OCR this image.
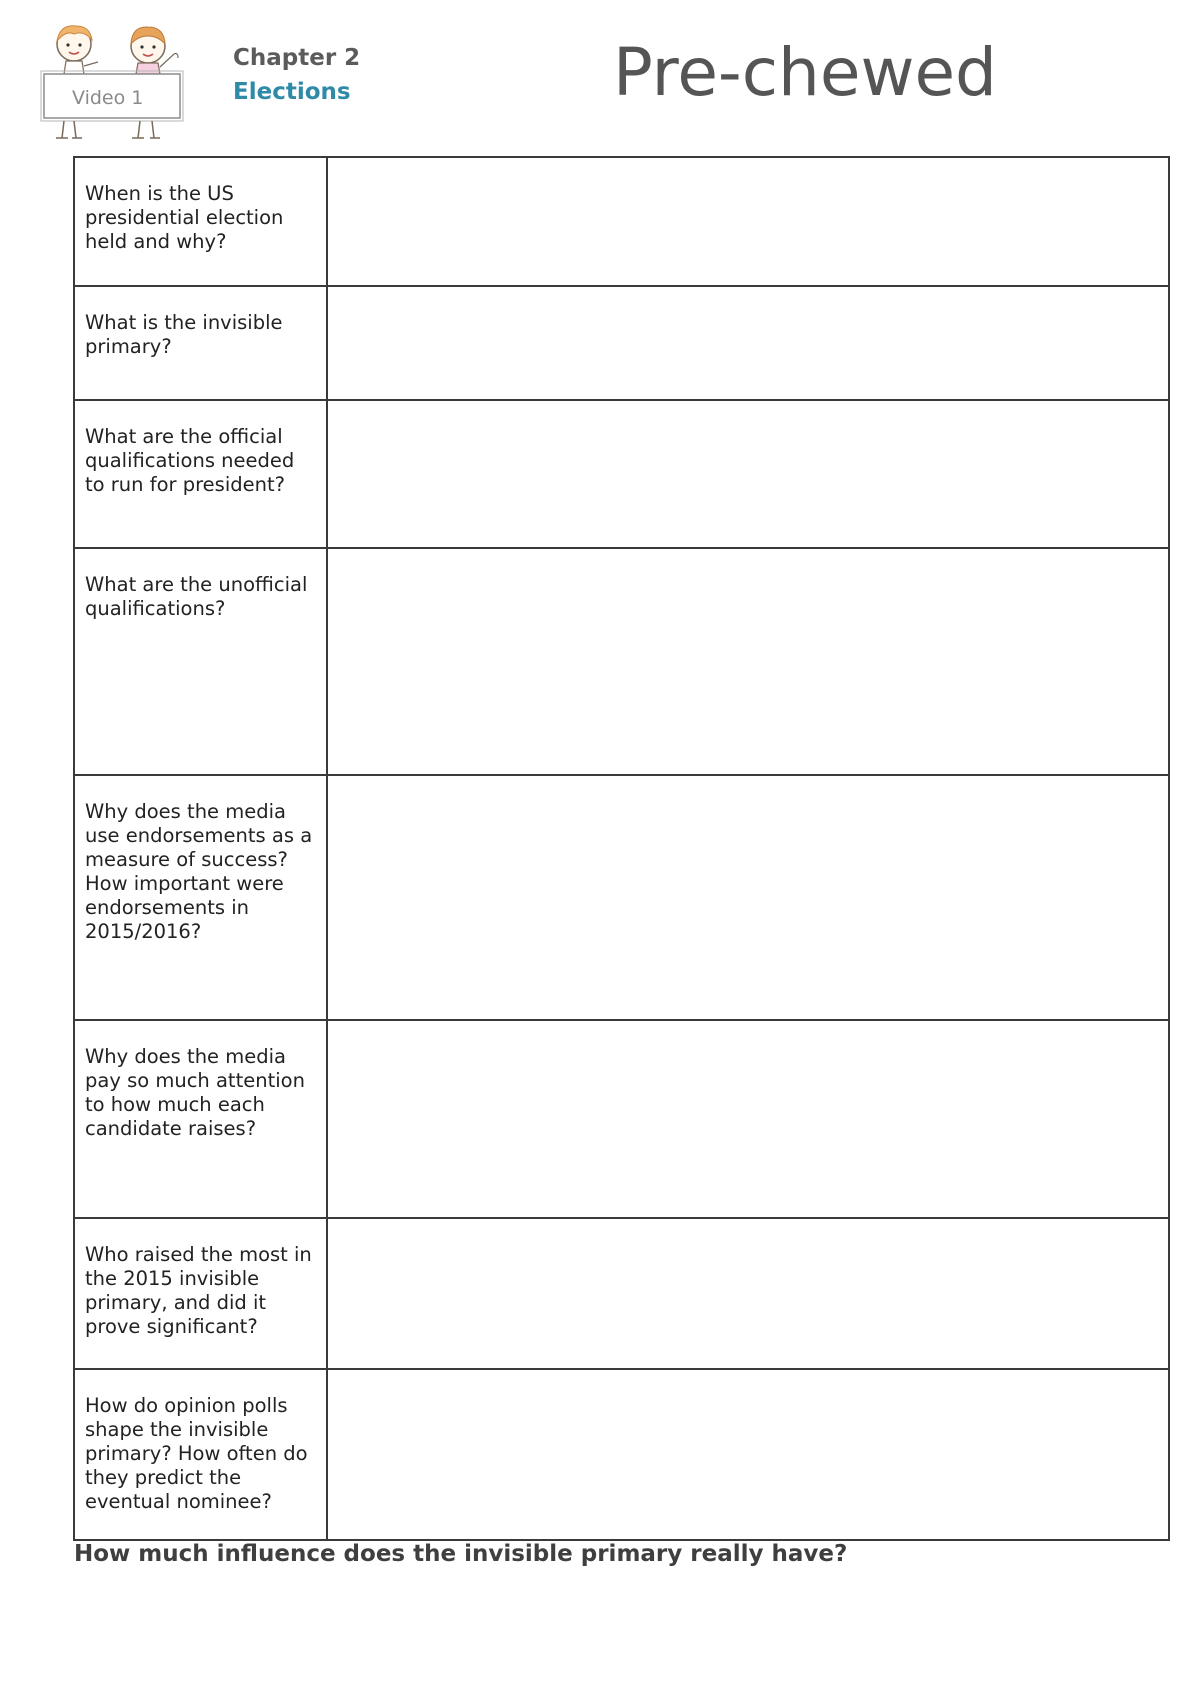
Video 1
Chapter 2
Elections	Pre-chewed
When is the US presidential election held and why?	
What is the invisible primary?	
What are the official qualifications needed to run for president?	
What are the unofficial qualifications?	
Why does the media use endorsements as a measure of success? How important were endorsements in 2015/2016?	
Why does the media pay so much attention to how much each candidate raises?	
Who raised the most in the 2015 invisible primary, and did it prove significant?	
How do opinion polls shape the invisible primary? How often do they predict the eventual nominee?	
How much influence does the invisible primary really have?
